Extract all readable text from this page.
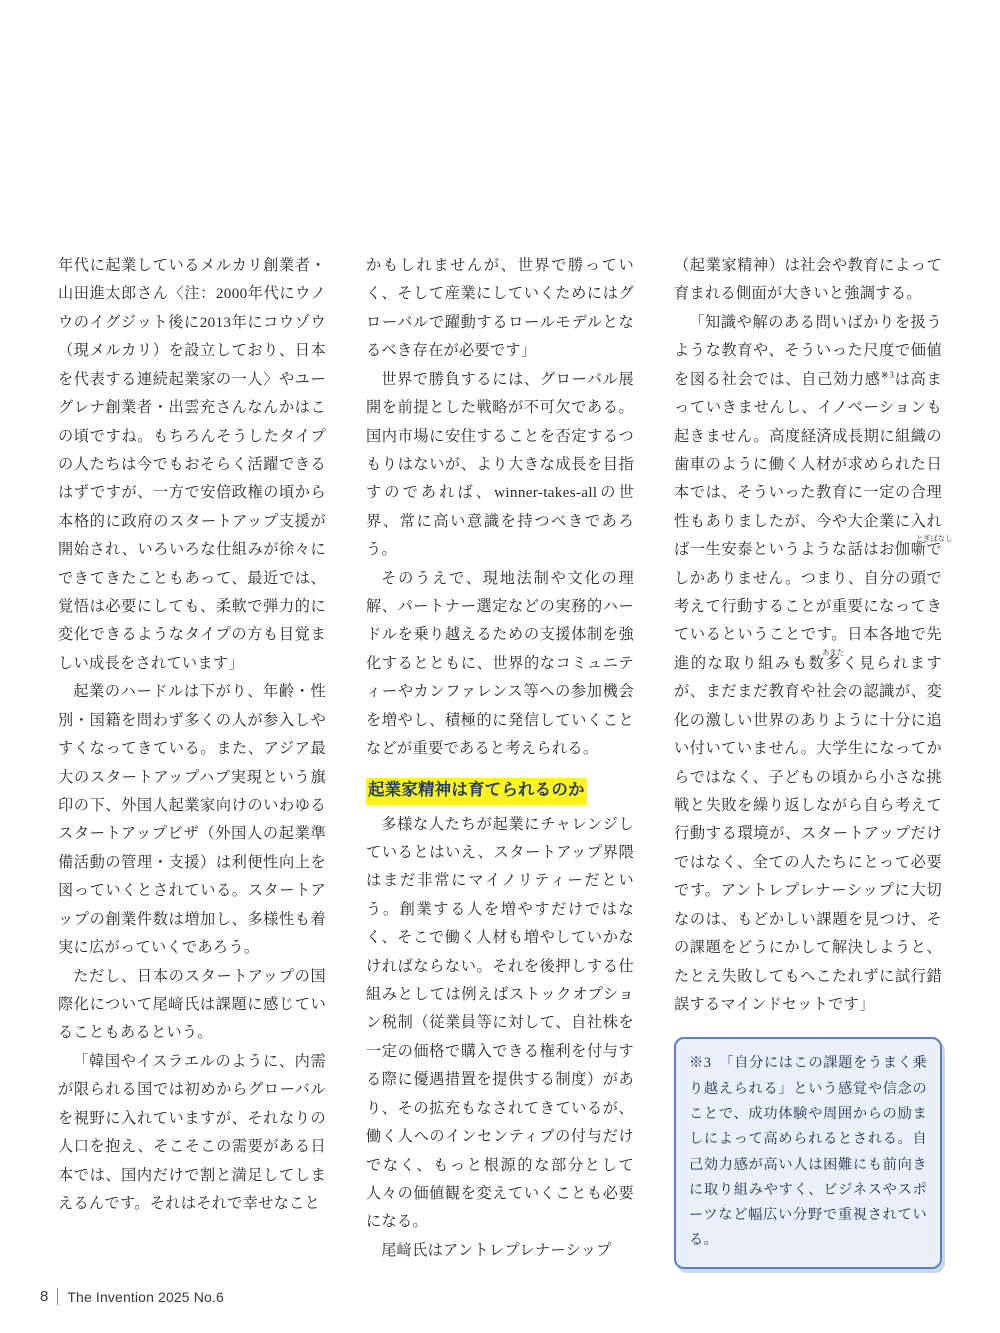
年代に起業しているメルカリ創業者・山田進太郎さん〈注：2000年代にウノウのイグジット後に2013年にコウゾウ（現メルカリ）を設立しており、日本を代表する連続起業家の一人〉やユーグレナ創業者・出雲充さんなんかはこの頃ですね。もちろんそうしたタイプの人たちは今でもおそらく活躍できるはずですが、一方で安倍政権の頃から本格的に政府のスタートアップ支援が開始され、いろいろな仕組みが徐々にできてきたこともあって、最近では、覚悟は必要にしても、柔軟で弾力的に変化できるようなタイプの方も目覚ましい成長をされています」

起業のハードルは下がり、年齢・性別・国籍を問わず多くの人が参入しやすくなってきている。また、アジア最大のスタートアップハブ実現という旗印の下、外国人起業家向けのいわゆるスタートアップビザ（外国人の起業準備活動の管理・支援）は利便性向上を図っていくとされている。スタートアップの創業件数は増加し、多様性も着実に広がっていくであろう。

ただし、日本のスタートアップの国際化について尾﨑氏は課題に感じていることもあるという。

「韓国やイスラエルのように、内需が限られる国では初めからグローバルを視野に入れていますが、それなりの人口を抱え、そこそこの需要がある日本では、国内だけで割と満足してしまえるんです。それはそれで幸せなこと

かもしれませんが、世界で勝っていく、そして産業にしていくためにはグローバルで躍動するロールモデルとなるべき存在が必要です」

世界で勝負するには、グローバル展開を前提とした戦略が不可欠である。国内市場に安住することを否定するつもりはないが、より大きな成長を目指すのであれば、winner-takes-allの世界、常に高い意識を持つべきであろう。

そのうえで、現地法制や文化の理解、パートナー選定などの実務的ハードルを乗り越えるための支援体制を強化するとともに、世界的なコミュニティーやカンファレンス等への参加機会を増やし、積極的に発信していくことなどが重要であると考えられる。

起業家精神は育てられるのか

多様な人たちが起業にチャレンジしているとはいえ、スタートアップ界隈はまだ非常にマイノリティーだという。創業する人を増やすだけではなく、そこで働く人材も増やしていかなければならない。それを後押しする仕組みとしては例えばストックオプション税制（従業員等に対して、自社株を一定の価格で購入できる権利を付与する際に優遇措置を提供する制度）があり、その拡充もなされてきているが、働く人へのインセンティブの付与だけでなく、もっと根源的な部分として人々の価値観を変えていくことも必要になる。

尾﨑氏はアントレプレナーシップ

（起業家精神）は社会や教育によって育まれる側面が大きいと強調する。

「知識や解のある問いばかりを扱うような教育や、そういった尺度で価値を図る社会では、自己効力感$^{※3}$は高まっていきませんし、イノベーションも起きません。高度経済成長期に組織の歯車のように働く人材が求められた日本では、そういった教育に一定の合理性もありましたが、今や大企業に入れば一生安泰というような話はお伽噺
とぎばなし
でしかありません。つまり、自分の頭で考えて行動することが重要になってきているということです。日本各地で先進的な取り組みも数
あまた
多く見られますが、まだまだ教育や社会の認識が、変化の激しい世界のありように十分に追い付いていません。大学生になってからではなく、子どもの頃から小さな挑戦と失敗を繰り返しながら自ら考えて行動する環境が、スタートアップだけではなく、全ての人たちにとって必要です。アントレプレナーシップに大切なのは、もどかしい課題を見つけ、その課題をどうにかして解決しようと、たとえ失敗してもへこたれずに試行錯誤するマインドセットです」

※3　 「自分にはこの課題をうまく乗り越えられる」という感覚や信念のことで、成功体験や周囲からの励ましによって高められるとされる。自己効力感が高い人は困難にも前向きに取り組みやすく、ビジネスやスポーツなど幅広い分野で重視されている。

8 The Invention 2025 No.6
